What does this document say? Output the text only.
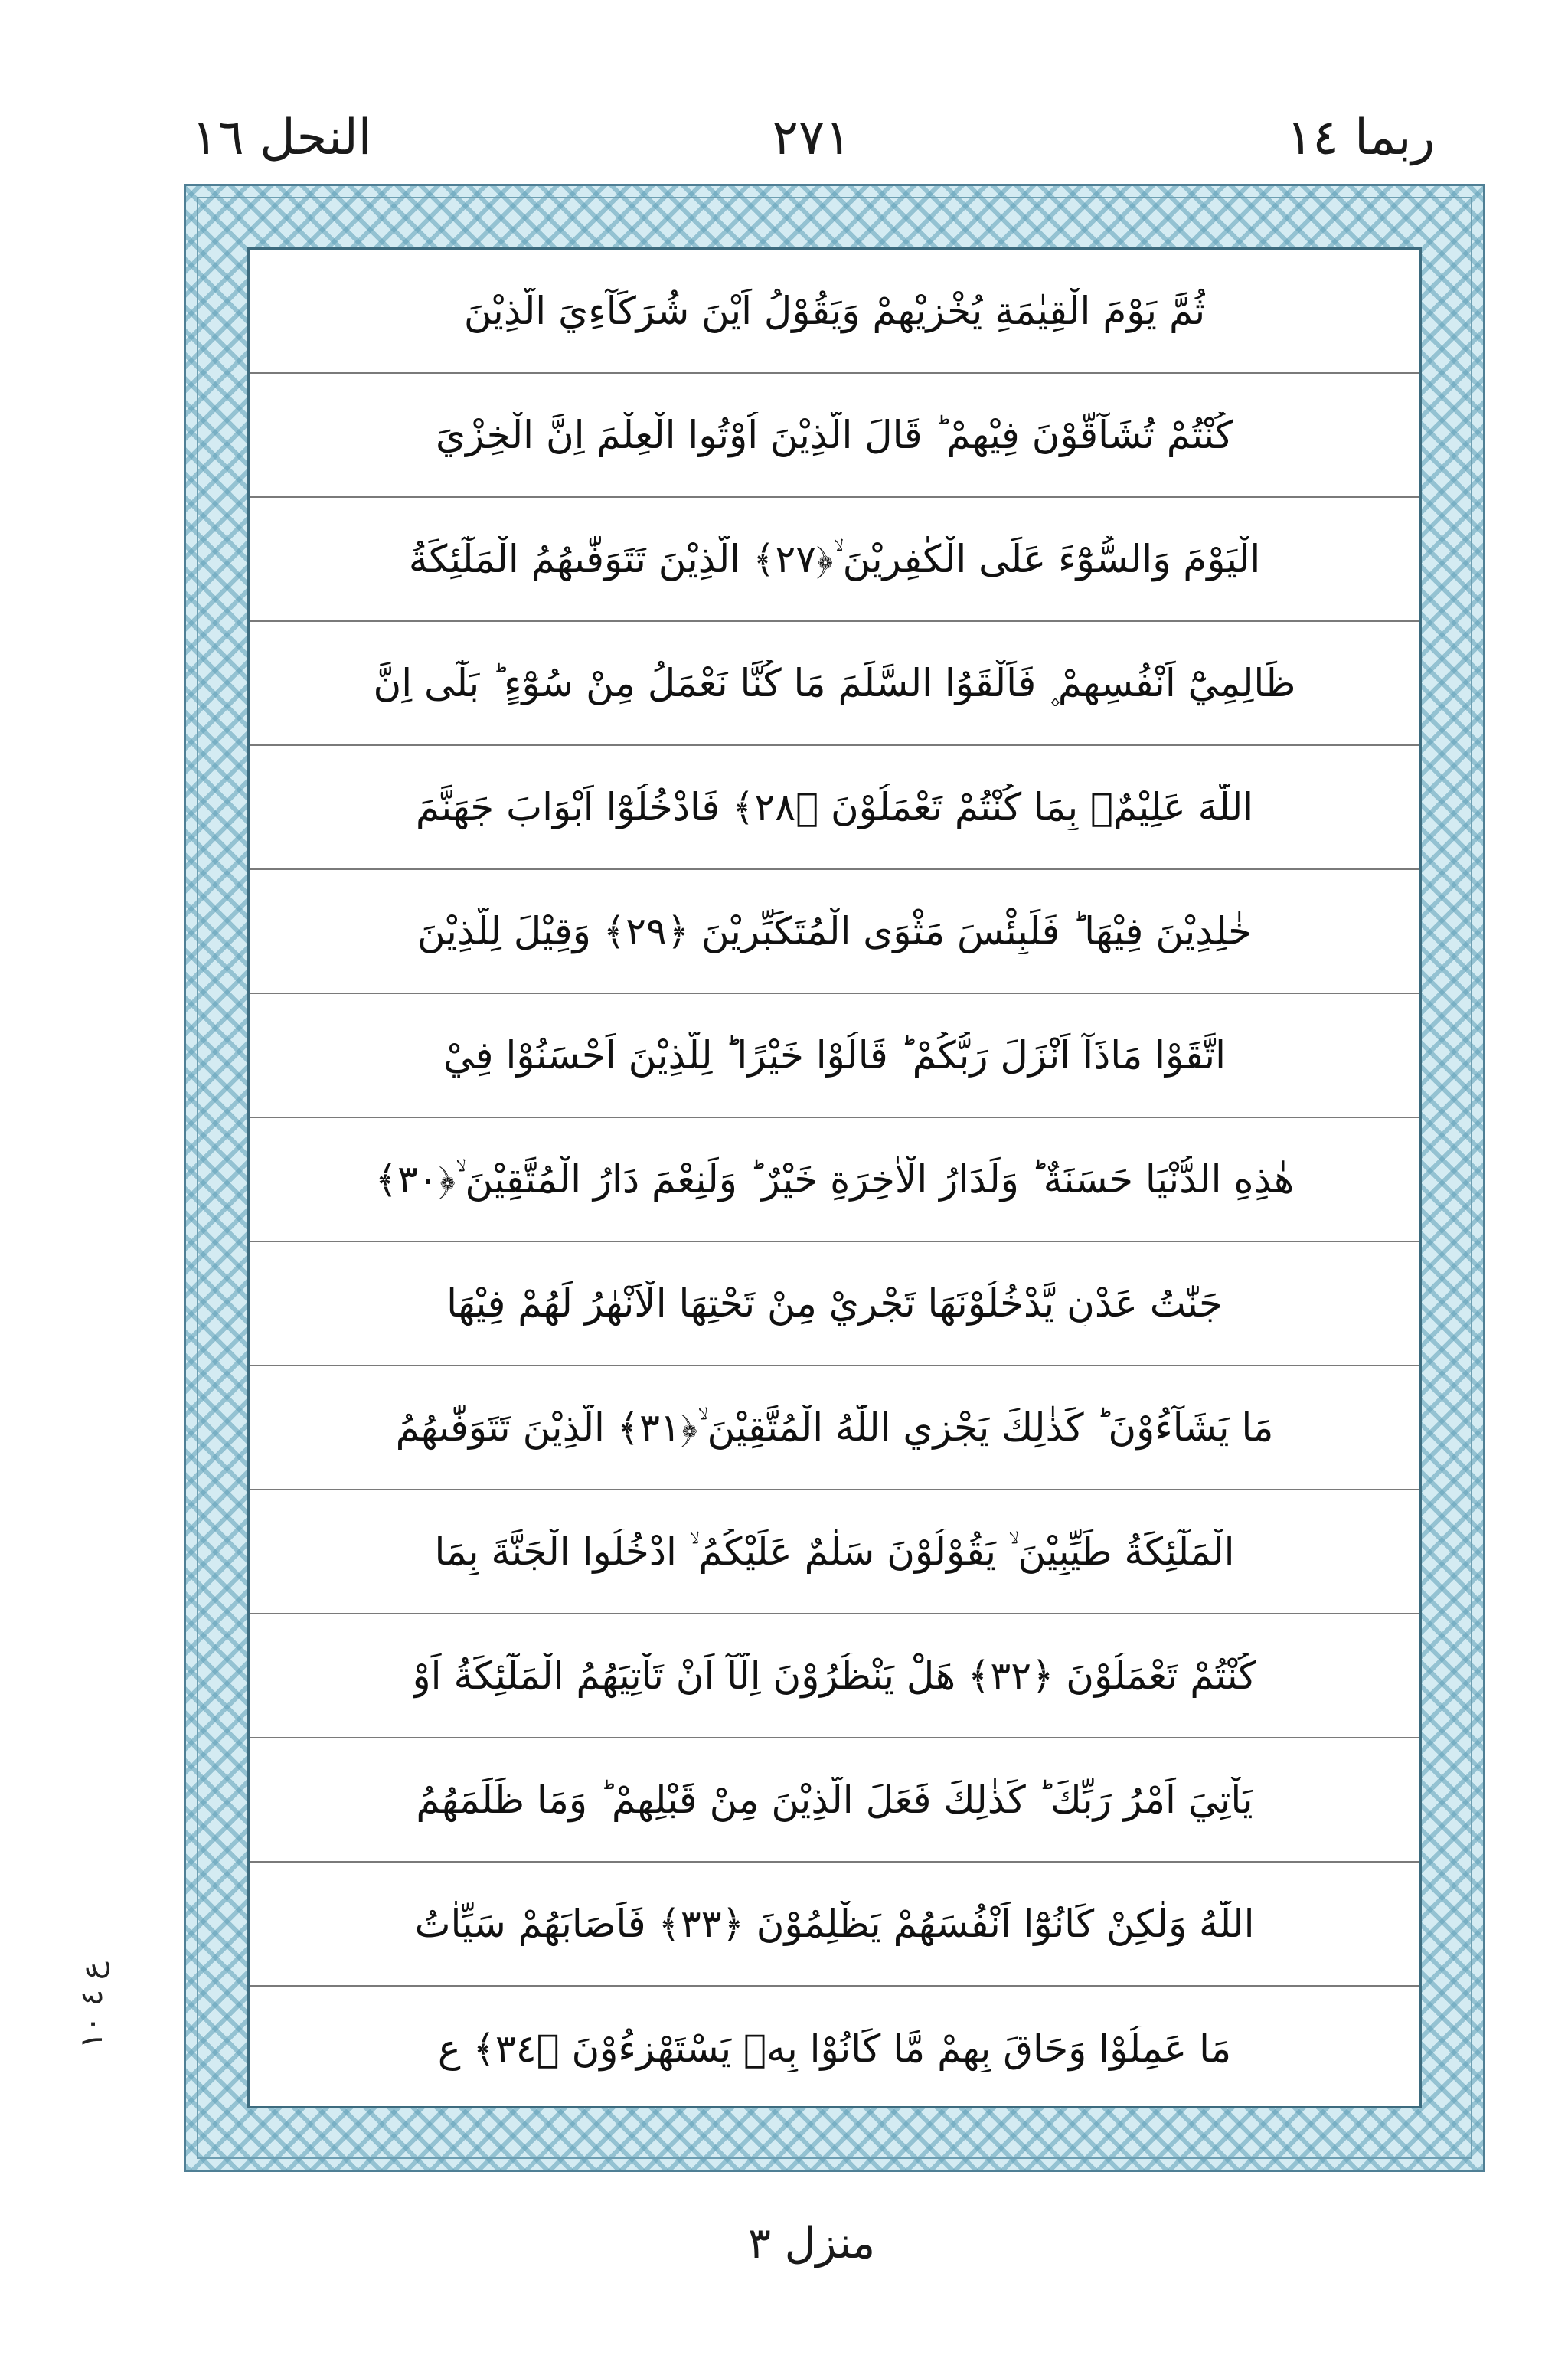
النحل ١٦	٢٧١	ربما ١٤
ثُمَّ يَوْمَ الْقِيٰمَةِ يُخْزِيْهِمْ وَيَقُوْلُ اَيْنَ شُرَكَآءِيَ الَّذِيْنَ
كُنْتُمْ تُشَآقُّوْنَ فِيْهِمْ ؕ قَالَ الَّذِيْنَ اُوْتُوا الْعِلْمَ اِنَّ الْخِزْيَ
الْيَوْمَ وَالسُّوْٓءَ عَلَى الْكٰفِرِيْنَ ۙ﴿٢٧﴾ الَّذِيْنَ تَتَوَفّٰىهُمُ الْمَلٰٓئِكَةُ
ظَالِمِيْٓ اَنْفُسِهِمْ ۪ فَاَلْقَوُا السَّلَمَ مَا كُنَّا نَعْمَلُ مِنْ سُوْٓءٍ ؕ بَلٰٓى اِنَّ
اللّٰهَ عَلِيْمٌۢ بِمَا كُنْتُمْ تَعْمَلُوْنَ ﴿٢٨﴾ فَادْخُلُوْٓا اَبْوَابَ جَهَنَّمَ
خٰلِدِيْنَ فِيْهَا ؕ فَلَبِئْسَ مَثْوَى الْمُتَكَبِّرِيْنَ ﴿٢٩﴾ وَقِيْلَ لِلَّذِيْنَ
اتَّقَوْا مَاذَآ اَنْزَلَ رَبُّكُمْ ؕ قَالُوْا خَيْرًا ؕ لِلَّذِيْنَ اَحْسَنُوْا فِيْ
هٰذِهِ الدُّنْيَا حَسَنَةٌ ؕ وَلَدَارُ الْاٰخِرَةِ خَيْرٌ ؕ وَلَنِعْمَ دَارُ الْمُتَّقِيْنَ ۙ﴿٣٠﴾
جَنّٰتُ عَدْنٍ يَّدْخُلُوْنَهَا تَجْرِيْ مِنْ تَحْتِهَا الْاَنْهٰرُ لَهُمْ فِيْهَا
مَا يَشَآءُوْنَ ؕ كَذٰلِكَ يَجْزِي اللّٰهُ الْمُتَّقِيْنَ ۙ﴿٣١﴾ الَّذِيْنَ تَتَوَفّٰىهُمُ
الْمَلٰٓئِكَةُ طَيِّبِيْنَ ۙ يَقُوْلُوْنَ سَلٰمٌ عَلَيْكُمُ ۙ ادْخُلُوا الْجَنَّةَ بِمَا
كُنْتُمْ تَعْمَلُوْنَ ﴿٣٢﴾ هَلْ يَنْظُرُوْنَ اِلَّآ اَنْ تَاْتِيَهُمُ الْمَلٰٓئِكَةُ اَوْ
يَاْتِيَ اَمْرُ رَبِّكَ ؕ كَذٰلِكَ فَعَلَ الَّذِيْنَ مِنْ قَبْلِهِمْ ؕ وَمَا ظَلَمَهُمُ
اللّٰهُ وَلٰكِنْ كَانُوْٓا اَنْفُسَهُمْ يَظْلِمُوْنَ ﴿٣٣﴾ فَاَصَابَهُمْ سَيِّاٰتُ
مَا عَمِلُوْا وَحَاقَ بِهِمْ مَّا كَانُوْا بِهٖ يَسْتَهْزِءُوْنَ ﴿٣٤﴾ ع
ع ٤ ١٠
منزل ٣
